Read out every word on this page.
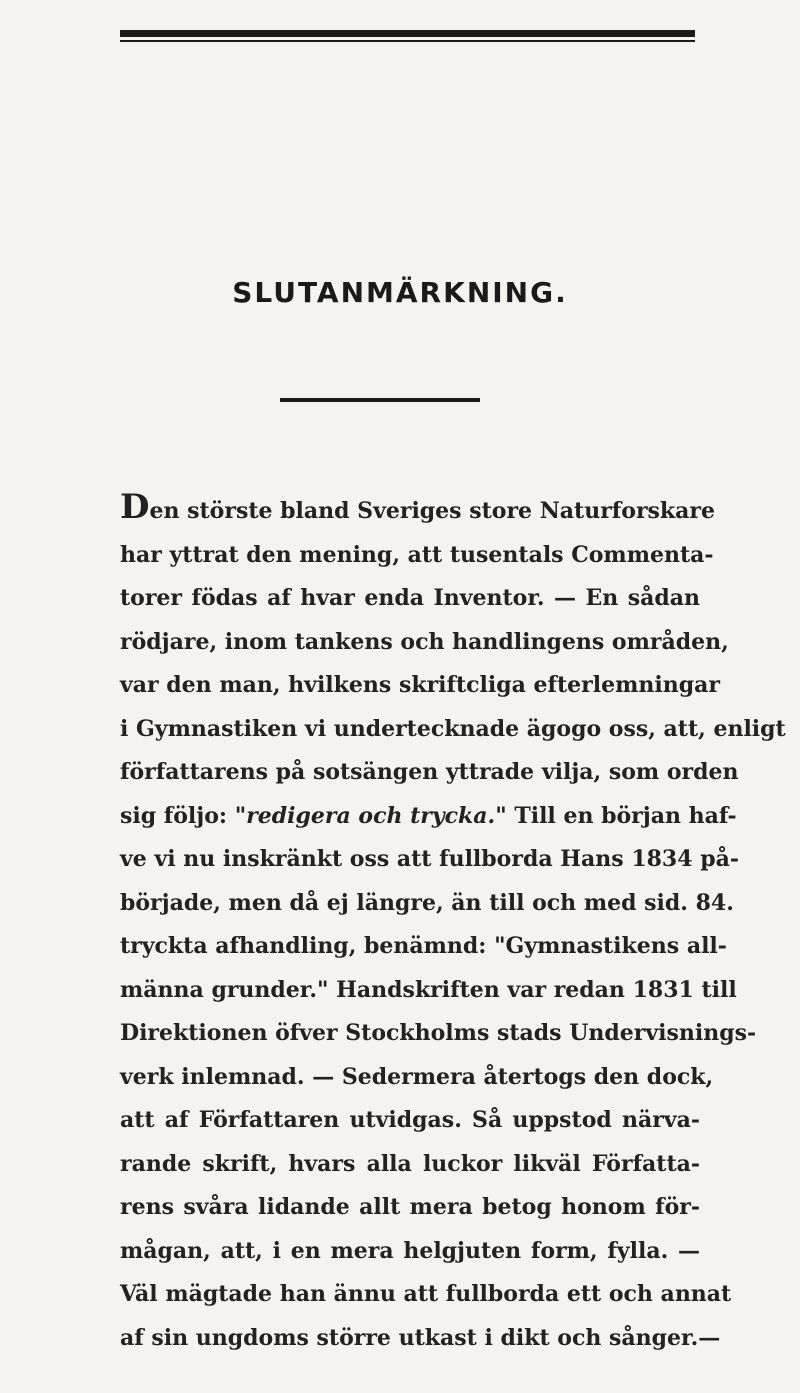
SLUTANMÄRKNING.
Den störste bland Sveriges store Naturforskare
har yttrat den mening, att tusentals Commenta-
torer födas af hvar enda Inventor. — En sådan
rödjare, inom tankens och handlingens områden,
var den man, hvilkens skriftcliga efterlemningar
i Gymnastiken vi undertecknade ägogo oss, att, enligt
författarens på sotsängen yttrade vilja, som orden
sig följo: "redigera och trycka." Till en början haf-
ve vi nu inskränkt oss att fullborda Hans 1834 på-
började, men då ej längre, än till och med sid. 84.
tryckta afhandling, benämnd: "Gymnastikens all-
männa grunder." Handskriften var redan 1831 till
Direktionen öfver Stockholms stads Undervisnings-
verk inlemnad. — Sedermera återtogs den dock,
att af Författaren utvidgas. Så uppstod närva-
rande skrift, hvars alla luckor likväl Författa-
rens svåra lidande allt mera betog honom för-
mågan, att, i en mera helgjuten form, fylla. —
Väl mägtade han ännu att fullborda ett och annat
af sin ungdoms större utkast i dikt och sånger.—
